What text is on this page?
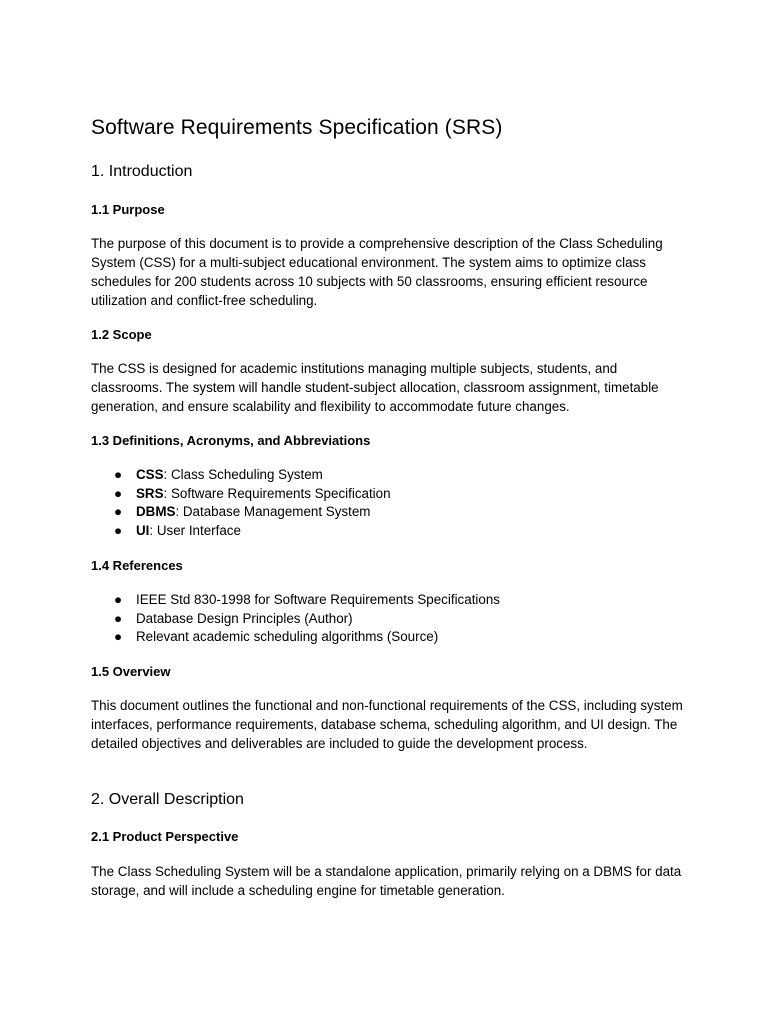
Software Requirements Specification (SRS)
1. Introduction
1.1 Purpose

The purpose of this document is to provide a comprehensive description of the Class Scheduling System (CSS) for a multi-subject educational environment. The system aims to optimize class schedules for 200 students across 10 subjects with 50 classrooms, ensuring efficient resource utilization and conflict-free scheduling.

1.2 Scope

The CSS is designed for academic institutions managing multiple subjects, students, and classrooms. The system will handle student-subject allocation, classroom assignment, timetable generation, and ensure scalability and flexibility to accommodate future changes.

1.3 Definitions, Acronyms, and Abbreviations
● CSS: Class Scheduling System
● SRS: Software Requirements Specification
● DBMS: Database Management System
● UI: User Interface
1.4 References
● IEEE Std 830-1998 for Software Requirements Specifications
● Database Design Principles (Author)
● Relevant academic scheduling algorithms (Source)
1.5 Overview

This document outlines the functional and non-functional requirements of the CSS, including system interfaces, performance requirements, database schema, scheduling algorithm, and UI design. The detailed objectives and deliverables are included to guide the development process.

2. Overall Description
2.1 Product Perspective

The Class Scheduling System will be a standalone application, primarily relying on a DBMS for data storage, and will include a scheduling engine for timetable generation.
